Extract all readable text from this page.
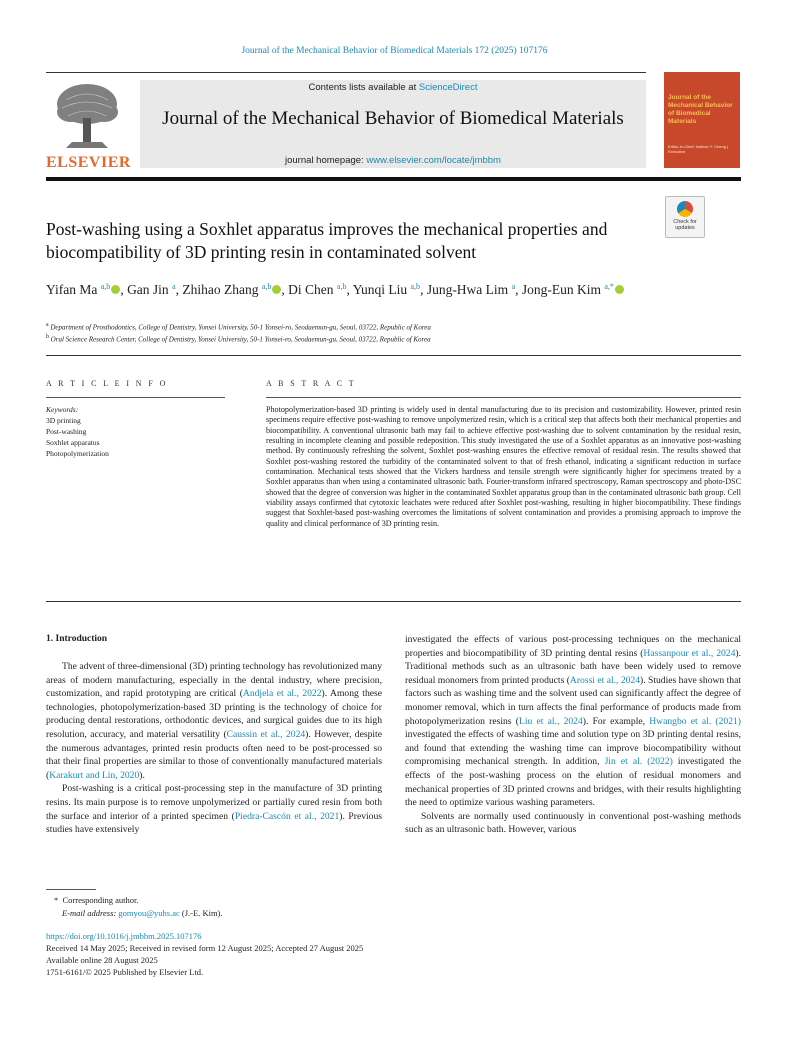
Journal of the Mechanical Behavior of Biomedical Materials 172 (2025) 107176
ELSEVIER
Contents lists available at ScienceDirect
Journal of the Mechanical Behavior of Biomedical Materials
journal homepage: www.elsevier.com/locate/jmbbm
Journal of the Mechanical Behavior of Biomedical Materials
Editor-in-Chief: Nathan Y. Cheng | Executive
Post-washing using a Soxhlet apparatus improves the mechanical properties and biocompatibility of 3D printing resin in contaminated solvent
Check for updates
Yifan Ma $^{a,b}$ , Gan Jin $^a$, Zhihao Zhang $^{a,b}$ , Di Chen $^{a,b}$, Yunqi Liu $^{a,b}$, Jung-Hwa Lim $^a$, Jong-Eun Kim $^{a,*}$
$^a$ Department of Prosthodontics, College of Dentistry, Yonsei University, 50-1 Yonsei-ro, Seodaemun-gu, Seoul, 03722, Republic of Korea
$^b$ Oral Science Research Center, College of Dentistry, Yonsei University, 50-1 Yonsei-ro, Seodaemun-gu, Seoul, 03722, Republic of Korea
A R T I C L E I N F O
Keywords:
3D printing
Post-washing
Soxhlet apparatus
Photopolymerization
A B S T R A C T
Photopolymerization-based 3D printing is widely used in dental manufacturing due to its precision and customizability. However, printed resin specimens require effective post-washing to remove unpolymerized resin, which is a critical step that affects both their mechanical properties and biocompatibility. A conventional ultrasonic bath may fail to achieve effective post-washing due to solvent contamination by the residual resin, resulting in incomplete cleaning and possible redeposition. This study investigated the use of a Soxhlet apparatus as an innovative post-washing method. By continuously refreshing the solvent, Soxhlet post-washing ensures the effective removal of residual resin. The results showed that Soxhlet post-washing restored the turbidity of the contaminated solvent to that of fresh ethanol, indicating a significant reduction in surface contamination. Mechanical tests showed that the Vickers hardness and tensile strength were significantly higher for specimens treated by a Soxhlet apparatus than when using a contaminated ultrasonic bath. Fourier-transform infrared spectroscopy, Raman spectroscopy and photo-DSC showed that the degree of conversion was higher in the contaminated Soxhlet apparatus group than in the contaminated ultrasonic bath group. Cell viability assays confirmed that cytotoxic leachates were reduced after Soxhlet post-washing, resulting in higher biocompatibility. These findings suggest that Soxhlet-based post-washing overcomes the limitations of solvent contamination and provides a promising approach to improve the quality and clinical performance of 3D printing resin.
1. Introduction

The advent of three-dimensional (3D) printing technology has revolutionized many areas of modern manufacturing, especially in the dental industry, where precision, customization, and rapid prototyping are critical (Andjela et al., 2022). Among these technologies, photopolymerization-based 3D printing is the technology of choice for producing dental restorations, orthodontic devices, and surgical guides due to its high resolution, accuracy, and material versatility (Caussin et al., 2024). However, despite the numerous advantages, printed resin products often need to be post-processed so that their final properties are similar to those of conventionally manufactured materials (Karakurt and Lin, 2020).

Post-washing is a critical post-processing step in the manufacture of 3D printing resins. Its main purpose is to remove unpolymerized or partially cured resin from both the surface and interior of a printed specimen (Piedra-Cascón et al., 2021). Previous studies have extensively

investigated the effects of various post-processing techniques on the mechanical properties and biocompatibility of 3D printing dental resins (Hassanpour et al., 2024). Traditional methods such as an ultrasonic bath have been widely used to remove residual monomers from printed products (Arossi et al., 2024). Studies have shown that factors such as washing time and the solvent used can significantly affect the degree of monomer removal, which in turn affects the final performance of products made from photopolymerization resins (Liu et al., 2024). For example, Hwangbo et al. (2021) investigated the effects of washing time and solution type on 3D printing dental resins, and found that extending the washing time can improve biocompatibility without compromising mechanical strength. In addition, Jin et al. (2022) investigated the effects of the post-washing process on the elution of residual monomers and mechanical properties of 3D printed crowns and bridges, with their results highlighting the need to optimize various washing parameters.

Solvents are normally used continuously in conventional post-washing methods such as an ultrasonic bath. However, various

* Corresponding author.
E-mail address: gomyou@yuhs.ac (J.-E. Kim).
https://doi.org/10.1016/j.jmbbm.2025.107176
Received 14 May 2025; Received in revised form 12 August 2025; Accepted 27 August 2025
Available online 28 August 2025
1751-6161/© 2025 Published by Elsevier Ltd.
